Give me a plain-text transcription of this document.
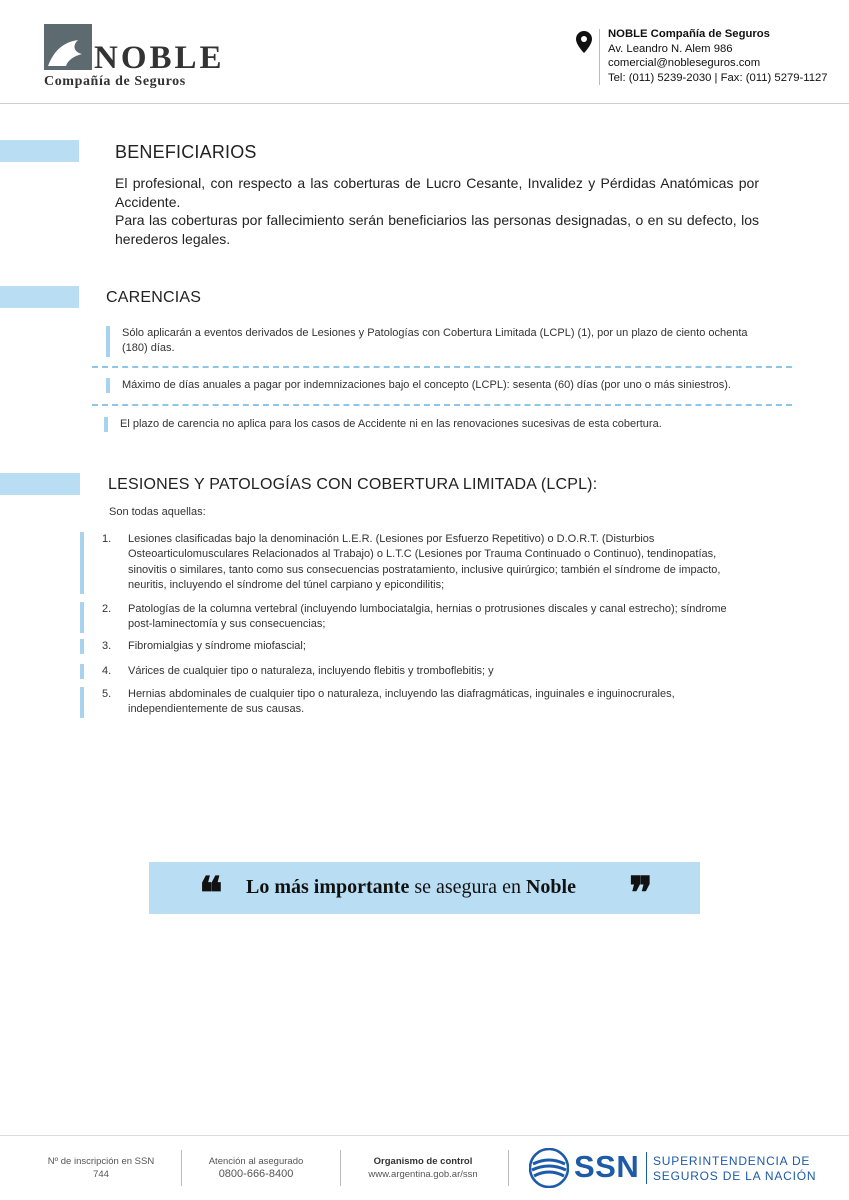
NOBLE
Compañía de Seguros
NOBLE Compañía de Seguros
Av. Leandro N. Alem 986
comercial@nobleseguros.com
Tel: (011) 5239-2030 | Fax: (011) 5279-1127
BENEFICIARIOS
El profesional, con respecto a las coberturas de Lucro Cesante, Invalidez y Pérdidas Anatómicas por Accidente.
Para las coberturas por fallecimiento serán beneficiarios las personas designadas, o en su defecto, los herederos legales.
CARENCIAS
Sólo aplicarán a eventos derivados de Lesiones y Patologías con Cobertura Limitada (LCPL) (1), por un plazo de ciento ochenta (180) días.
Máximo de días anuales a pagar por indemnizaciones bajo el concepto (LCPL): sesenta (60) días (por uno o más siniestros).
El plazo de carencia no aplica para los casos de Accidente ni en las renovaciones sucesivas de esta cobertura.
LESIONES Y PATOLOGÍAS CON COBERTURA LIMITADA (LCPL):
Son todas aquellas:
1. Lesiones clasificadas bajo la denominación L.E.R. (Lesiones por Esfuerzo Repetitivo) o D.O.R.T. (Disturbios Osteoarticulomusculares Relacionados al Trabajo) o L.T.C (Lesiones por Trauma Continuado o Continuo), tendinopatías, sinovitis o similares, tanto como sus consecuencias postratamiento, inclusive quirúrgico; también el síndrome de impacto, neuritis, incluyendo el síndrome del túnel carpiano y epicondilitis;
2. Patologías de la columna vertebral (incluyendo lumbociatalgia, hernias o protrusiones discales y canal estrecho); síndrome post-laminectomía y sus consecuencias;
3. Fibromialgias y síndrome miofascial;
4. Várices de cualquier tipo o naturaleza, incluyendo flebitis y tromboflebitis; y
5. Hernias abdominales de cualquier tipo o naturaleza, incluyendo las diafragmáticas, inguinales e inguinocrurales, independientemente de sus causas.
❝ Lo más importante se asegura en Noble ❞
Nº de inscripción en SSN
744
Atención al asegurado
0800-666-8400
Organismo de control
www.argentina.gob.ar/ssn	SSN SUPERINTENDENCIA DE
SEGUROS DE LA NACIÓN
